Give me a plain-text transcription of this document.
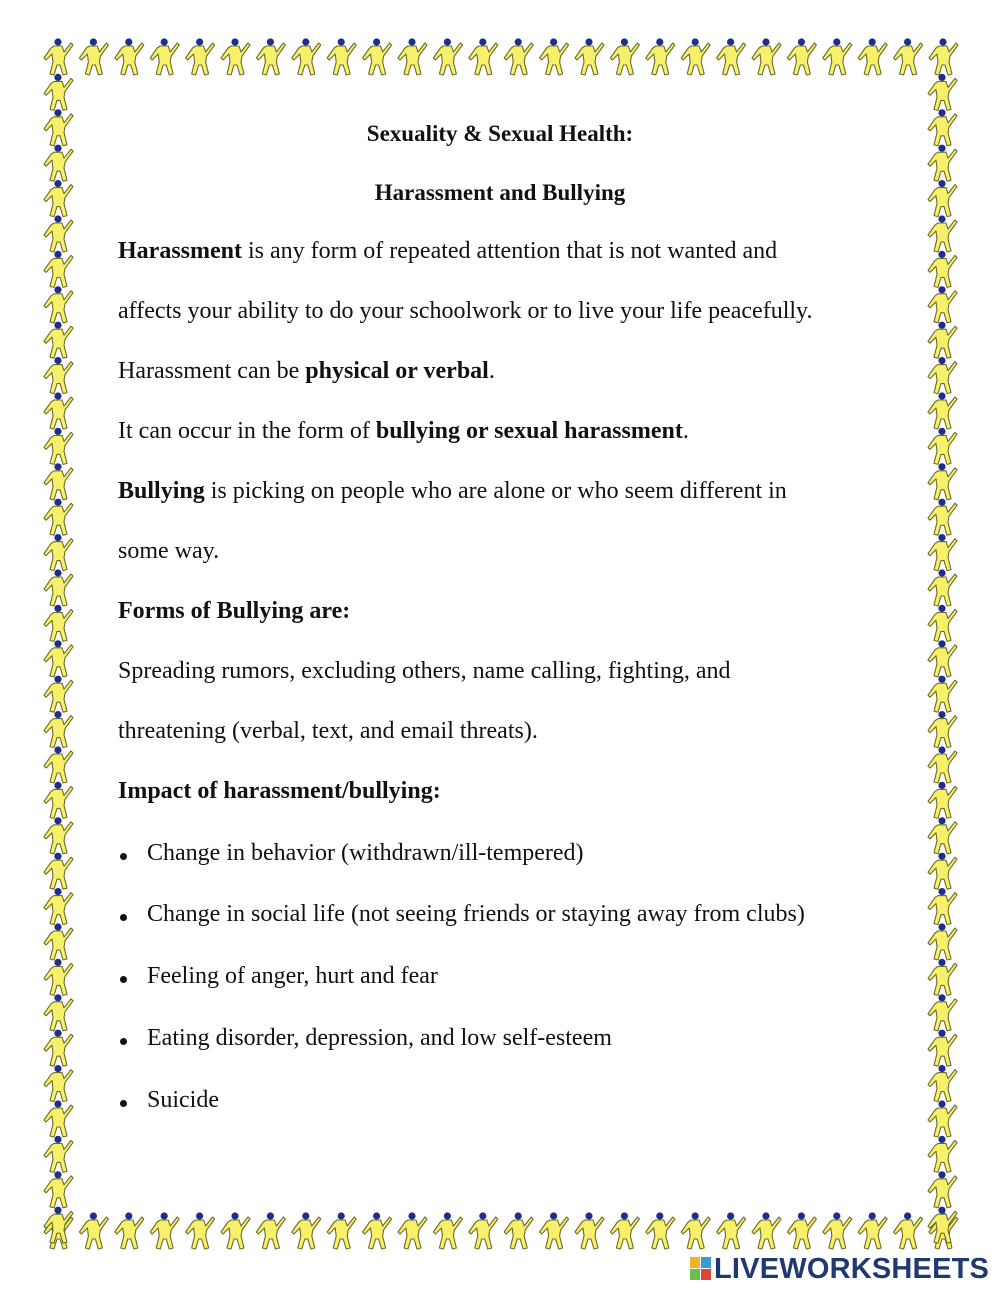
Sexuality & Sexual Health:
Harassment and Bullying

Harassment is any form of repeated attention that is not wanted and

affects your ability to do your schoolwork or to live your life peacefully.

Harassment can be physical or verbal.

It can occur in the form of bullying or sexual harassment.

Bullying is picking on people who are alone or who seem different in

some way.

Forms of Bullying are:

Spreading rumors, excluding others, name calling, fighting, and

threatening (verbal, text, and email threats).

Impact of harassment/bullying:

Change in behavior (withdrawn/ill-tempered)
Change in social life (not seeing friends or staying away from clubs)
Feeling of anger, hurt and fear
Eating disorder, depression, and low self-esteem
Suicide
LIVEWORKSHEETS
